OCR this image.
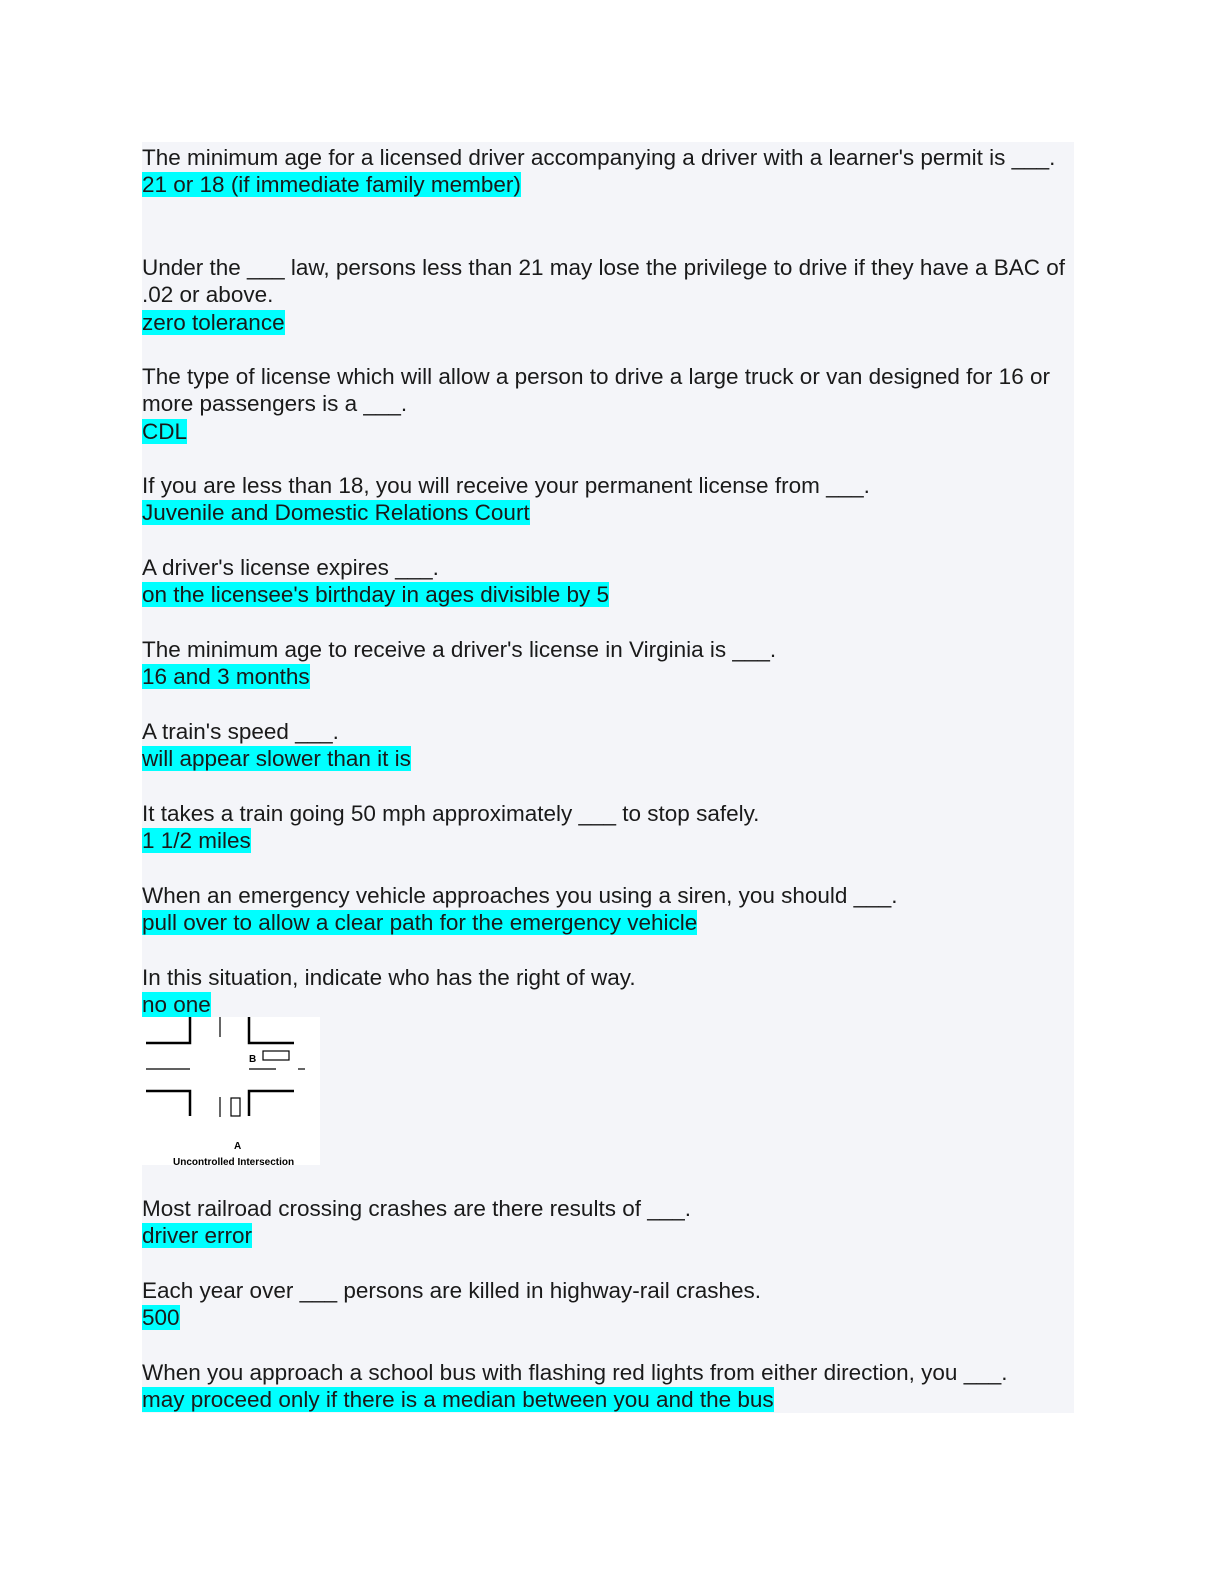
The minimum age for a licensed driver accompanying a driver with a learner's permit is ___.

21 or 18 (if immediate family member)

Under the ___ law, persons less than 21 may lose the privilege to drive if they have a BAC of .02 or above.

zero tolerance

The type of license which will allow a person to drive a large truck or van designed for 16 or more passengers is a ___.

CDL

If you are less than 18, you will receive your permanent license from ___.

Juvenile and Domestic Relations Court

A driver's license expires ___.

on the licensee's birthday in ages divisible by 5

The minimum age to receive a driver's license in Virginia is ___.

16 and 3 months

A train's speed ___.

will appear slower than it is

It takes a train going 50 mph approximately ___ to stop safely.

1 1/2 miles

When an emergency vehicle approaches you using a siren, you should ___.

pull over to allow a clear path for the emergency vehicle

In this situation, indicate who has the right of way.

no one

B
A
Uncontrolled Intersection

Most railroad crossing crashes are there results of ___.

driver error

Each year over ___ persons are killed in highway-rail crashes.

500

When you approach a school bus with flashing red lights from either direction, you ___.

may proceed only if there is a median between you and the bus
